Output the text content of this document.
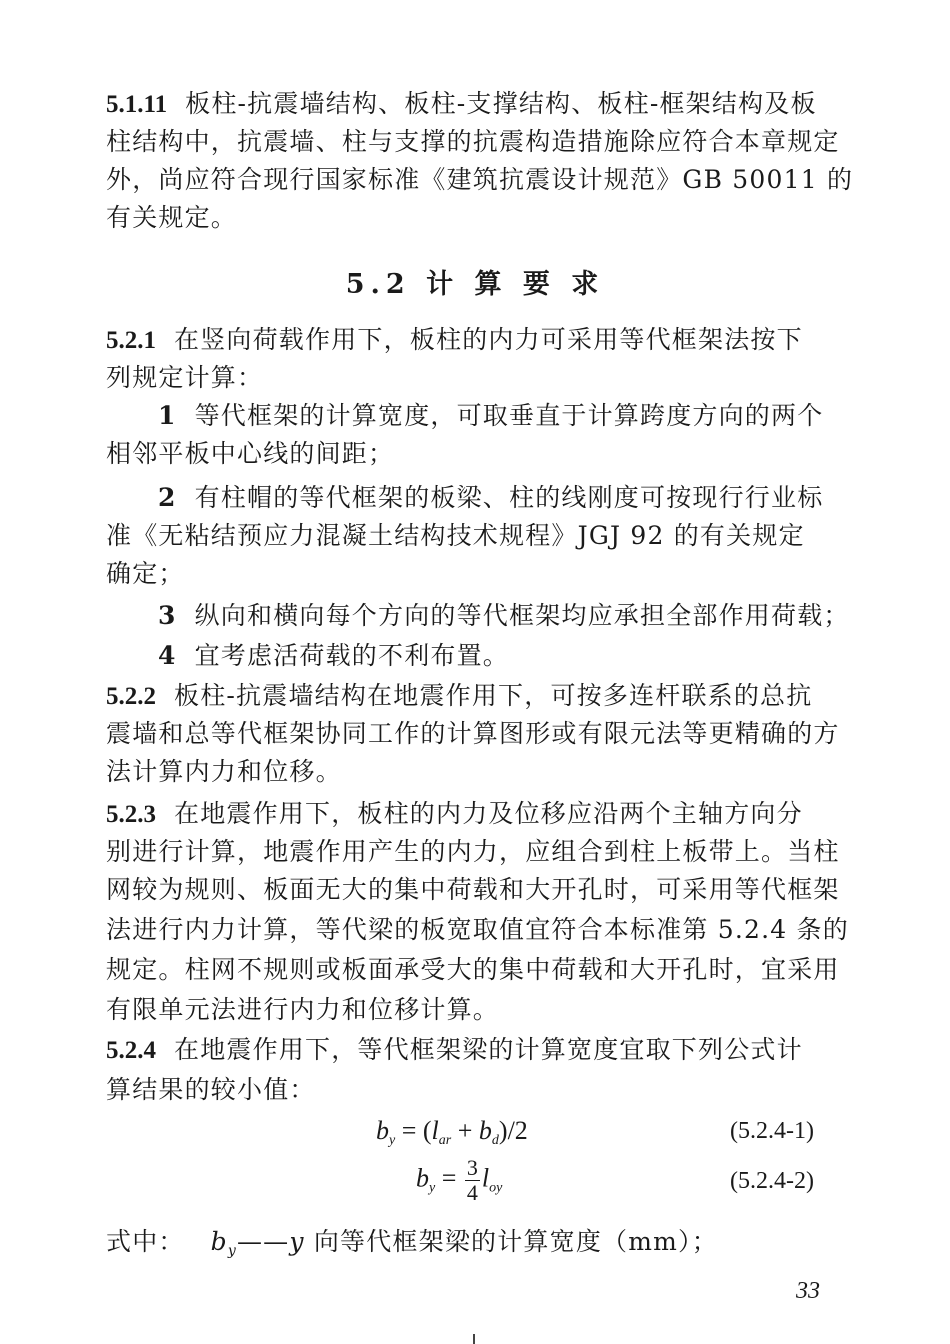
5.1.11 板柱-抗震墙结构、板柱-支撑结构、板柱-框架结构及板
柱结构中，抗震墙、柱与支撑的抗震构造措施除应符合本章规定
外，尚应符合现行国家标准《建筑抗震设计规范》GB 50011 的
有关规定。
5.2 计 算 要 求
5.2.1 在竖向荷载作用下，板柱的内力可采用等代框架法按下
列规定计算：
1 等代框架的计算宽度，可取垂直于计算跨度方向的两个
相邻平板中心线的间距；
2 有柱帽的等代框架的板梁、柱的线刚度可按现行行业标
准《无粘结预应力混凝土结构技术规程》JGJ 92 的有关规定
确定；
3 纵向和横向每个方向的等代框架均应承担全部作用荷载；
4 宜考虑活荷载的不利布置。
5.2.2 板柱-抗震墙结构在地震作用下，可按多连杆联系的总抗
震墙和总等代框架协同工作的计算图形或有限元法等更精确的方
法计算内力和位移。
5.2.3 在地震作用下，板柱的内力及位移应沿两个主轴方向分
别进行计算，地震作用产生的内力，应组合到柱上板带上。当柱
网较为规则、板面无大的集中荷载和大开孔时，可采用等代框架
法进行内力计算，等代梁的板宽取值宜符合本标准第 5.2.4 条的
规定。柱网不规则或板面承受大的集中荷载和大开孔时，宜采用
有限单元法进行内力和位移计算。
5.2.4 在地震作用下，等代框架梁的计算宽度宜取下列公式计
算结果的较小值：
$b_y = (l_{ar} + b_d)/2$	(5.2.4-1)
$b_y = \frac{3}{4} l_{oy}$	(5.2.4-2)
式中： $b_y——y$ 向等代框架梁的计算宽度（mm）；
33
